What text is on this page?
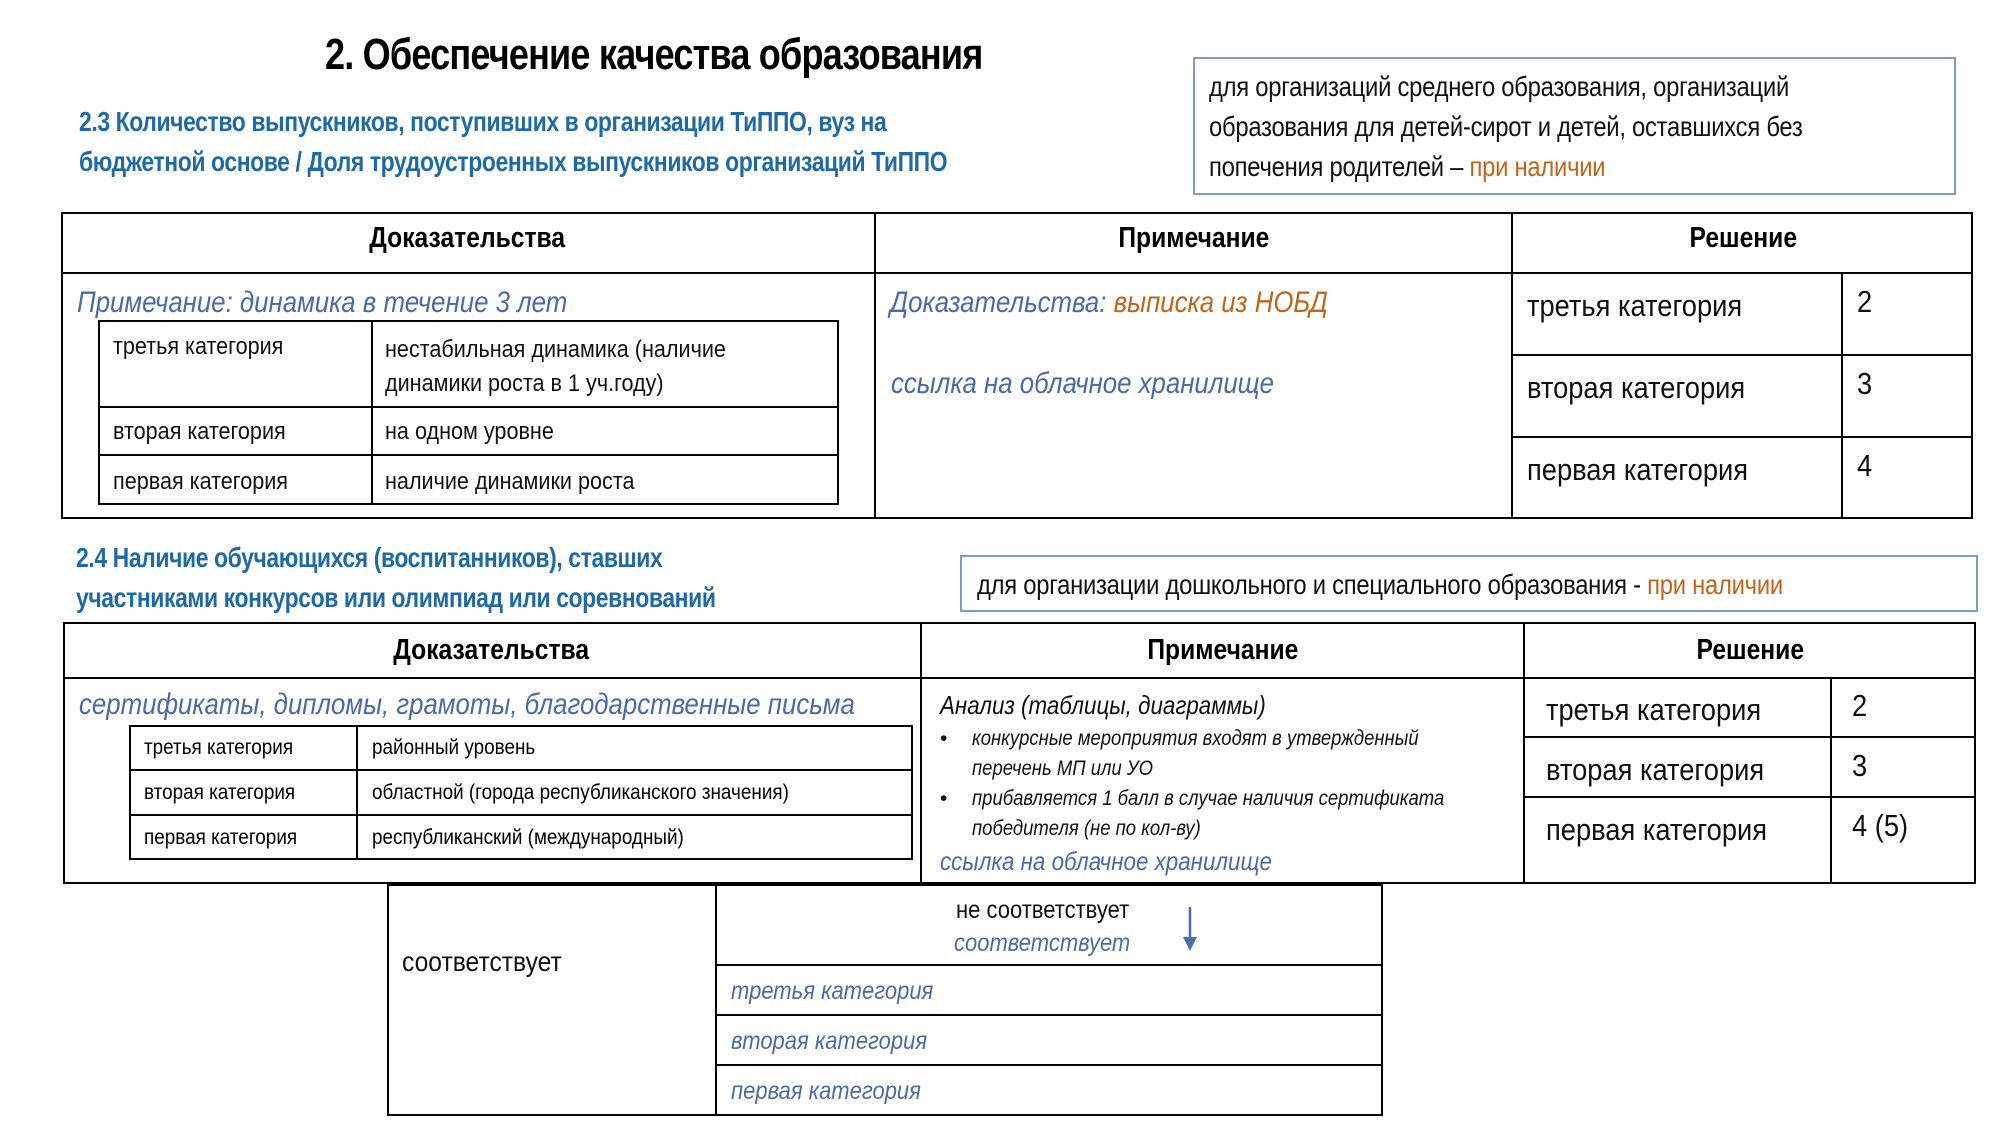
2. Обеспечение качества образования
2.3 Количество выпускников, поступивших в организации ТиППО, вуз на
бюджетной основе / Доля трудоустроенных выпускников организаций ТиППО
для организаций среднего образования, организаций
образования для детей-сирот и детей, оставшихся без
попечения родителей – при наличии
Доказательства	Примечание	Решение
Примечание: динамика в течение 3 лет
третья категория	нестабильная динамика (наличие
динамики роста в 1 уч.году)
вторая категория	на одном уровне
первая категория	наличие динамики роста
Доказательства: выписка из НОБД
ссылка на облачное хранилище
третья категория	2
вторая категория	3
первая категория	4
2.4 Наличие обучающихся (воспитанников), ставших
участниками конкурсов или олимпиад или соревнований	для организации дошкольного и специального образования - при наличии
Доказательства	Примечание	Решение
сертификаты, дипломы, грамоты, благодарственные письма
третья категория	районный уровень
вторая категория	областной (города республиканского значения)
первая категория	республиканский (международный)
Анализ (таблицы, диаграммы)
• конкурсные мероприятия входят в утвержденный
перечень МП или УО
• прибавляется 1 балл в случае наличия сертификата
победителя (не по кол-ву)
ссылка на облачное хранилище
третья категория	2
вторая категория	3
первая категория	4 (5)
соответствует
не соответствует
соответствует
третья категория
вторая категория
первая категория
